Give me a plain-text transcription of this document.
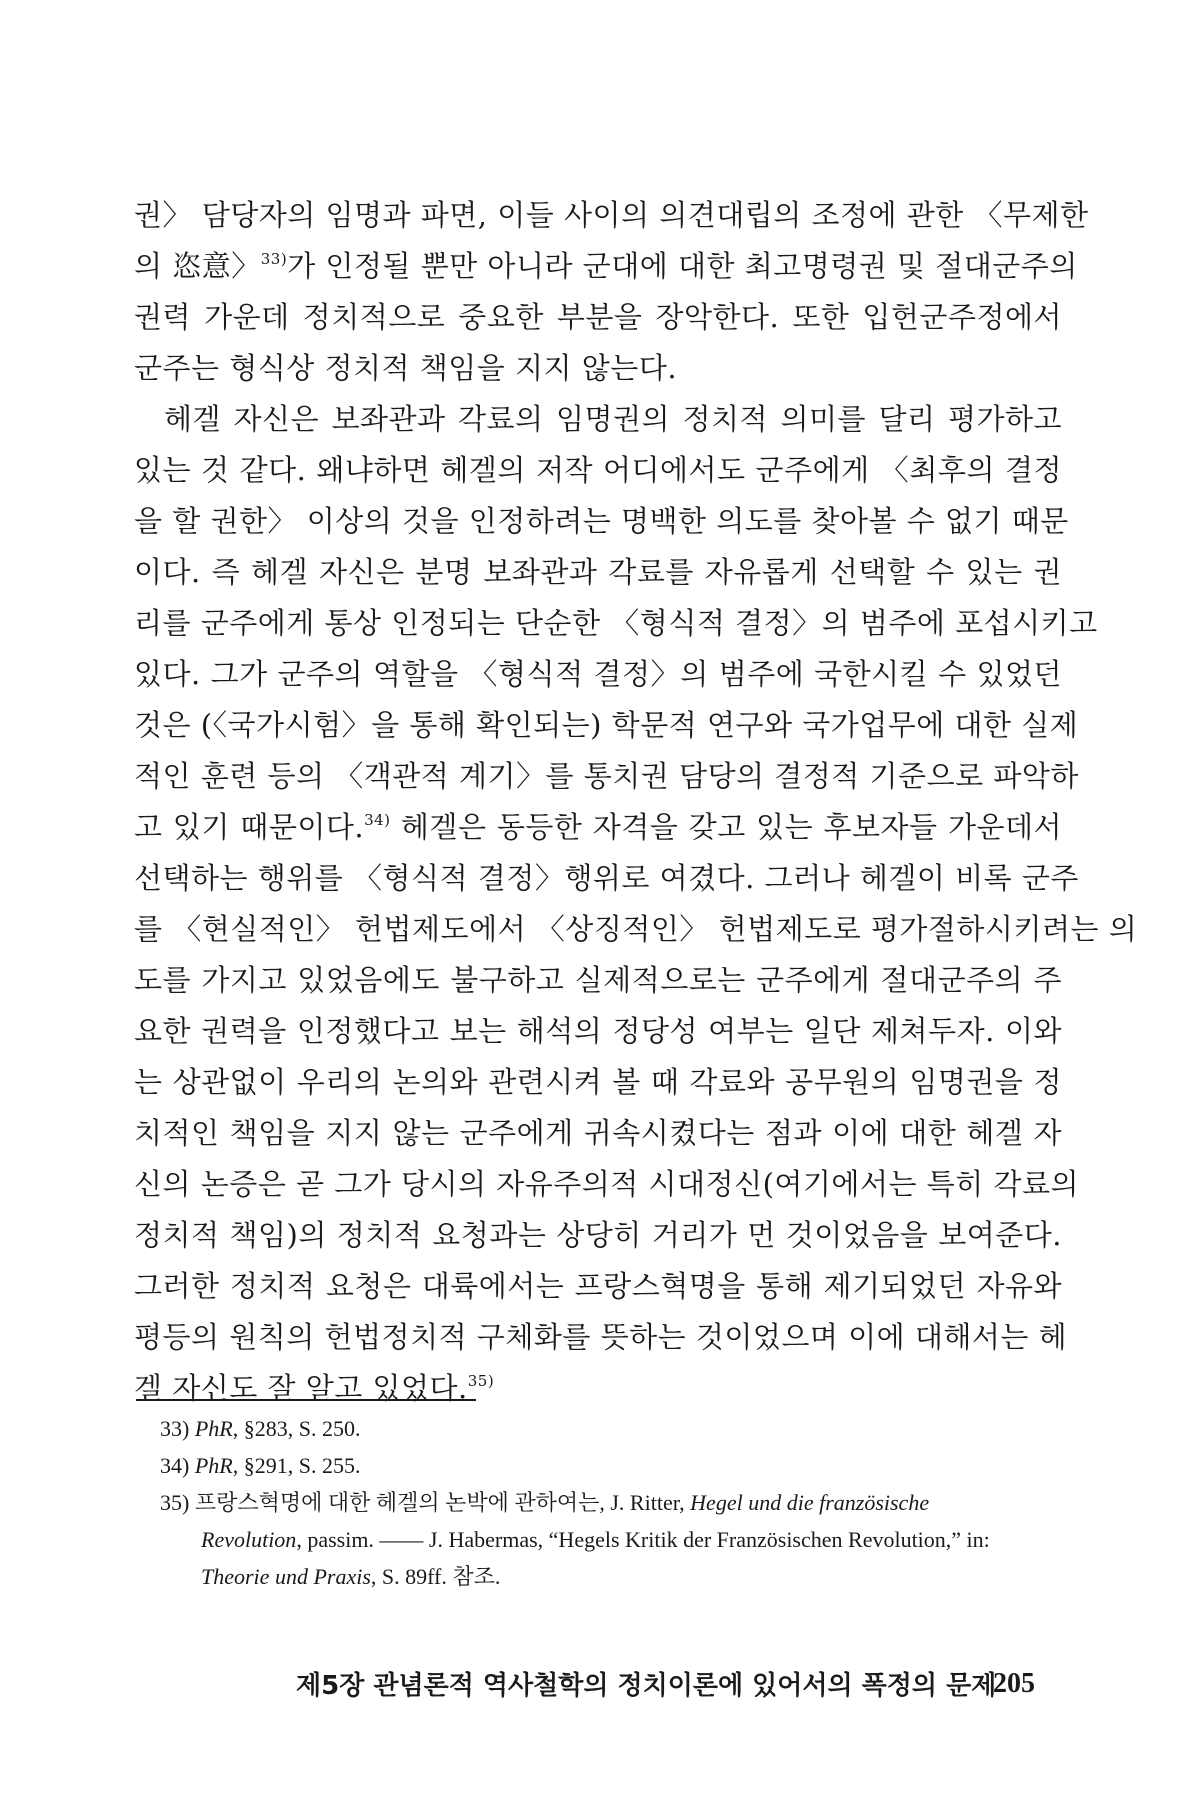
권〉 담당자의 임명과 파면, 이들 사이의 의견대립의 조정에 관한 〈무제한
의 恣意〉$^{33)}$가 인정될 뿐만 아니라 군대에 대한 최고명령권 및 절대군주의
권력 가운데 정치적으로 중요한 부분을 장악한다. 또한 입헌군주정에서
군주는 형식상 정치적 책임을 지지 않는다.
헤겔 자신은 보좌관과 각료의 임명권의 정치적 의미를 달리 평가하고
있는 것 같다. 왜냐하면 헤겔의 저작 어디에서도 군주에게 〈최후의 결정
을 할 권한〉 이상의 것을 인정하려는 명백한 의도를 찾아볼 수 없기 때문
이다. 즉 헤겔 자신은 분명 보좌관과 각료를 자유롭게 선택할 수 있는 권
리를 군주에게 통상 인정되는 단순한 〈형식적 결정〉의 범주에 포섭시키고
있다. 그가 군주의 역할을 〈형식적 결정〉의 범주에 국한시킬 수 있었던
것은 (〈국가시험〉을 통해 확인되는) 학문적 연구와 국가업무에 대한 실제
적인 훈련 등의 〈객관적 계기〉를 통치권 담당의 결정적 기준으로 파악하
고 있기 때문이다.$^{34)}$ 헤겔은 동등한 자격을 갖고 있는 후보자들 가운데서
선택하는 행위를 〈형식적 결정〉행위로 여겼다. 그러나 헤겔이 비록 군주
를 〈현실적인〉 헌법제도에서 〈상징적인〉 헌법제도로 평가절하시키려는 의
도를 가지고 있었음에도 불구하고 실제적으로는 군주에게 절대군주의 주
요한 권력을 인정했다고 보는 해석의 정당성 여부는 일단 제쳐두자. 이와
는 상관없이 우리의 논의와 관련시켜 볼 때 각료와 공무원의 임명권을 정
치적인 책임을 지지 않는 군주에게 귀속시켰다는 점과 이에 대한 헤겔 자
신의 논증은 곧 그가 당시의 자유주의적 시대정신(여기에서는 특히 각료의
정치적 책임)의 정치적 요청과는 상당히 거리가 먼 것이었음을 보여준다.
그러한 정치적 요청은 대륙에서는 프랑스혁명을 통해 제기되었던 자유와
평등의 원칙의 헌법정치적 구체화를 뜻하는 것이었으며 이에 대해서는 헤
겔 자신도 잘 알고 있었다.$^{35)}$
33) PhR, §283, S. 250.
34) PhR, §291, S. 255.
35) 프랑스혁명에 대한 헤겔의 논박에 관하여는, J. Ritter, Hegel und die französische
Revolution, passim. —— J. Habermas, “Hegels Kritik der Französischen Revolution,” in:
Theorie und Praxis, S. 89ff. 참조.
제5장 관념론적 역사철학의 정치이론에 있어서의 폭정의 문제
205
